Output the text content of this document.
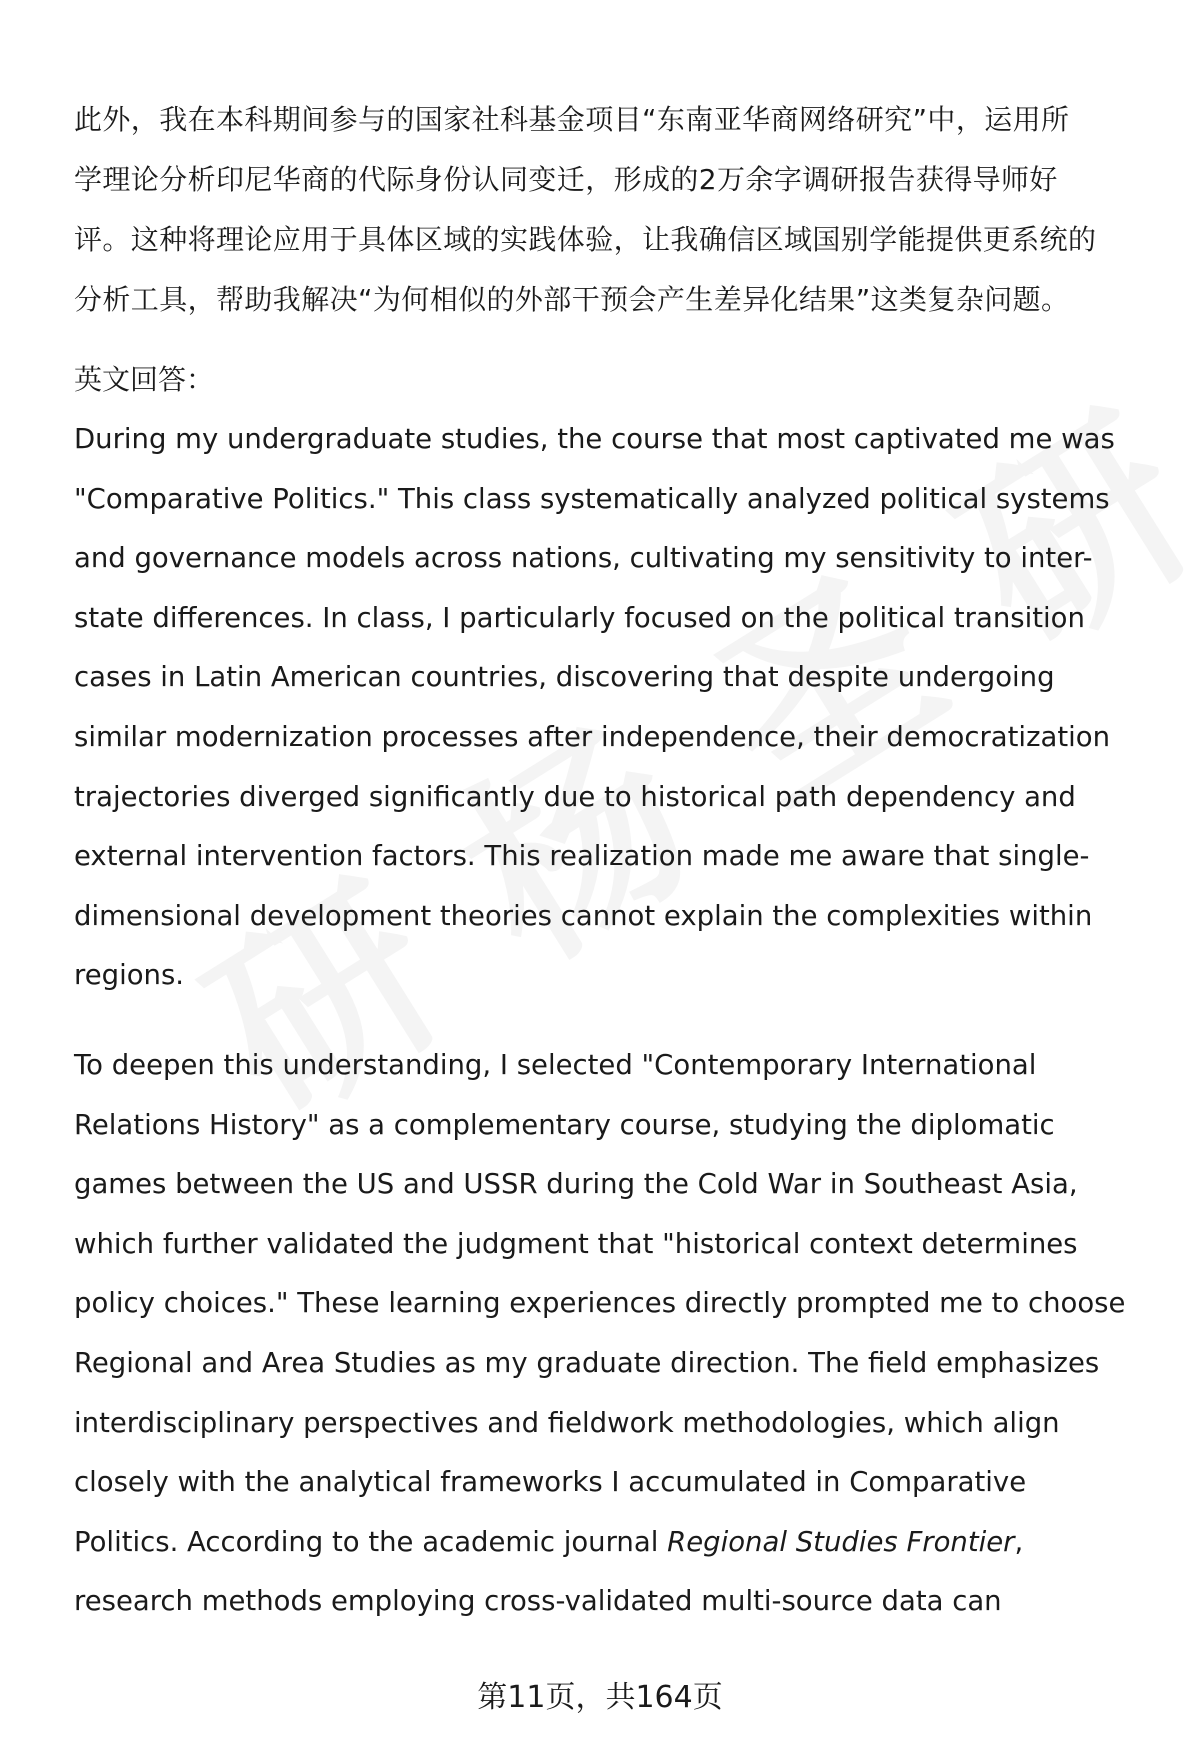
此外，我在本科期间参与的国家社科基金项目“东南亚华商网络研究”中，运用所
学理论分析印尼华商的代际身份认同变迁，形成的2万余字调研报告获得导师好
评。这种将理论应用于具体区域的实践体验，让我确信区域国别学能提供更系统的
分析工具，帮助我解决“为何相似的外部干预会产生差异化结果”这类复杂问题。

英文回答：

During my undergraduate studies, the course that most captivated me was
"Comparative Politics." This class systematically analyzed political systems
and governance models across nations, cultivating my sensitivity to inter-
state differences. In class, I particularly focused on the political transition
cases in Latin American countries, discovering that despite undergoing
similar modernization processes after independence, their democratization
trajectories diverged significantly due to historical path dependency and
external intervention factors. This realization made me aware that single-
dimensional development theories cannot explain the complexities within
regions.

To deepen this understanding, I selected "Contemporary International
Relations History" as a complementary course, studying the diplomatic
games between the US and USSR during the Cold War in Southeast Asia,
which further validated the judgment that "historical context determines
policy choices." These learning experiences directly prompted me to choose
Regional and Area Studies as my graduate direction. The field emphasizes
interdisciplinary perspectives and fieldwork methodologies, which align
closely with the analytical frameworks I accumulated in Comparative
Politics. According to the academic journal Regional Studies Frontier,
research methods employing cross-validated multi-source data can

第11页，共164页
